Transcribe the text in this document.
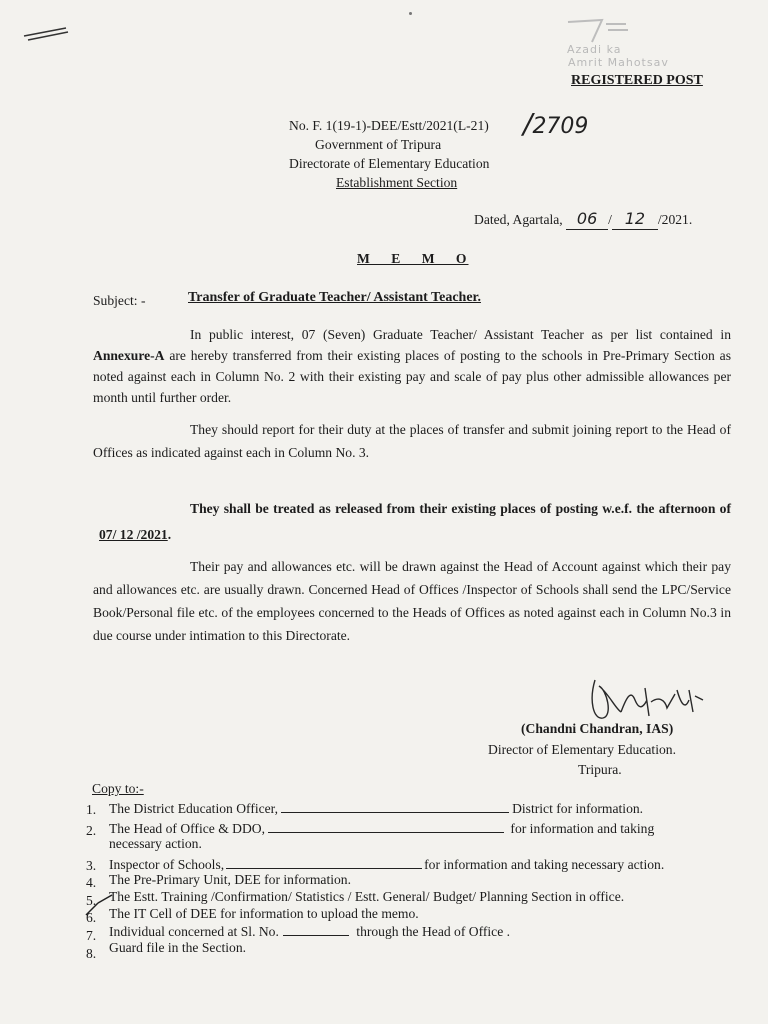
Azadi ka
Amrit Mahotsav
REGISTERED POST
No. F. 1(19-1)-DEE/Estt/2021(L-21) /2709
Government of Tripura
Directorate of Elementary Education
Establishment Section
Dated, Agartala, 06 / 12 /2021.
M E M O
Subject: -	Transfer of Graduate Teacher/ Assistant Teacher.
In public interest, 07 (Seven) Graduate Teacher/ Assistant Teacher as per list contained in Annexure-A are hereby transferred from their existing places of posting to the schools in Pre-Primary Section as noted against each in Column No. 2 with their existing pay and scale of pay plus other admissible allowances per month until further order.
They should report for their duty at the places of transfer and submit joining report to the Head of Offices as indicated against each in Column No. 3.
They shall be treated as released from their existing places of posting w.e.f. the afternoon of 07/ 12 /2021.
Their pay and allowances etc. will be drawn against the Head of Account against which their pay and allowances etc. are usually drawn. Concerned Head of Offices /Inspector of Schools shall send the LPC/Service Book/Personal file etc. of the employees concerned to the Heads of Offices as noted against each in Column No.3 in due course under intimation to this Directorate.
(Chandni Chandran, IAS)
Director of Elementary Education.
Tripura.
Copy to:-
1. The District Education Officer,	District for information.
2. The Head of Office & DDO,	for information and taking
necessary action.
3. Inspector of Schools,	for information and taking necessary action.
4. The Pre-Primary Unit, DEE for information.
5. The Estt. Training /Confirmation/ Statistics / Estt. General/ Budget/ Planning Section in office.
6. The IT Cell of DEE for information to upload the memo.
7. Individual concerned at Sl. No.	through the Head of Office .
8. Guard file in the Section.
